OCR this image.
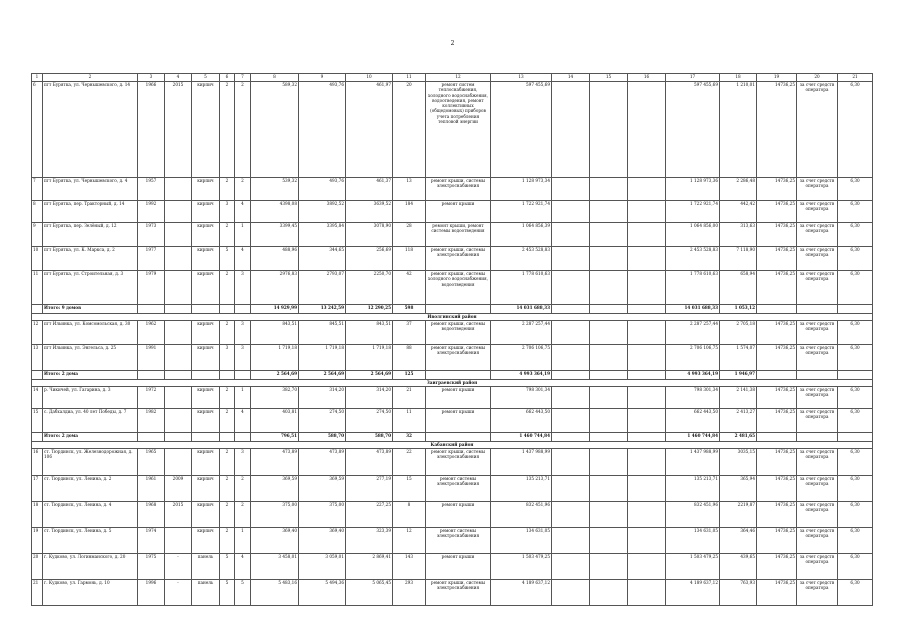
2
1	2	3	4	5	6	7	8	9	10	11	12	13	14	15	16	17	18	19	20	21
6	пгт Бурятка, ул. Чернышевского, д. 14	1966	2015	кирпич	2	2	589,32	493,76	461,97	20	ремонт систем теплоснабжения, холодного водоснабжения, водоотведения, ремонт коллективных (общедомовых) приборов учета потребления тепловой энергии	597 455,69				597 455,69	1 210,01	14736,25	за счет средств оператора	6,30
7	пгт Бурятка, ул. Чернышевского, д. 4	1957		кирпич	2	2	539,32	493,76	461,37	13	ремонт крыши, системы электроснабжения	1 128 973,34				1 128 973,36	2 286,48	14736,25	за счет средств оператора	6,30
8	пгт Бурятка, пер. Тракторный, д. 14	1992		кирпич	3	4	4398,08	3892,52	3639,52	184	ремонт крыши	1 722 921,74				1 722 921,74	442,42	14736,25	за счет средств оператора	6,30
9	пгт Бурятка, пер. Зелёный, д. 12	1973		кирпич	2	1	3399,45	3395,84	3078,90	28	ремонт крыши, ремонт системы водоотведения	1 064 856,39				1 064 856,00	313,63	14736,25	за счет средств оператора	6,30
10	пгт Бурятка, ул. К. Маркса, д. 2	1977		кирпич	5	4	488,96	344,65	256,69	118	ремонт крыши, системы электроснабжения	2 453 528,83				2 453 528,83	7 118,90	14736,25	за счет средств оператора	6,30
11	пгт Бурятка, ул. Строительная, д. 3	1979		кирпич	2	3	2976,83	2793,07	2250,70	42	ремонт крыши, системы холодного водоснабжения, водоотведения	1 778 610,63				1 778 610,63	658,94	14736,25	за счет средств оператора	6,30
	Итого: 9 домов						14 929,99	13 242,59	12 290,25	598		14 031 688,33				14 031 688,33	1 053,12			
Иволгинский район																				
12	пгт Ильинка, ул. Комсомольская, д. 30	1962		кирпич	2	3	843,51	845,51	843,51	37	ремонт крыши, системы водоотведения	2 287 257,44				2 287 257,44	2 705,18	14736,25	за счет средств оператора	6,30
13	пгт Ильинка, ул. Энгельса, д. 25	1991		кирпич	3	3	1 719,18	1 719,18	1 719,18	88	ремонт крыши, системы электроснабжения	2 706 106,75				2 706 106,75	1 574,07	14736,25	за счет средств оператора	6,30
	Итого: 2 дома						2 564,69	2 564,69	2 564,69	125		4 993 364,19				4 993 364,19	1 946,97			
Заиграевский район																				
14	р. Чикичей, ул. Гагарина, д. 3	1972		кирпич	2	1	382,70	314,20	314,20	21	ремонт крыши	798 301,34				798 301,34	2 141,38	14736,25	за счет средств оператора	6,30
15	с. Дабхалдиа, ул. 40 лет Победы, д. 7	1982		кирпич	2	4	403,81	274,50	274,50	11	ремонт крыши	662 443,50				662 443,50	2 413,27	14736,25	за счет средств оператора	6,30
	Итого: 2 дома						796,51	588,70	588,70	32		1 460 744,84				1 460 744,84	2 481,65			
Кабанский район																				
16	ст. Тюрдинск, ул. Железнодорожная, д. 106	1965		кирпич	2	3	473,89	473,89	473,89	22	ремонт крыши, системы электроснабжения	1 437 988,99				1 437 988,99	3035,15	14736,25	за счет средств оператора	6,30
17	ст. Тюрдинск, ул. Ленина, д. 2	1961	2009	кирпич	2	2	369,59	369,59	277,19	15	ремонт системы электроснабжения	135 213,71				135 213,71	365,94	14736,25	за счет средств оператора	6,30
18	ст. Тюрдинск, ул. Ленина, д. 4	1968	2015	кирпич	2	2	375,00	375,00	227,25	8	ремонт крыши	832 451,96				832 451,96	2219,87	14736,25	за счет средств оператора	6,30
19	ст. Тюрдинск, ул. Ленина, д. 5	1974		кирпич	2	1	369,40	369,40	323,39	12	ремонт системы электроснабжения	134 631,05				134 631,05	364,46	14736,25	за счет средств оператора	6,30
20	г. Кудково, ул. Логинманского, д. 20	1975	-	панель	5	4	3 458,01	3 059,01	2 869,41	143	ремонт крыши	1 503 479,25				1 503 479,25	439,65	14736,25	за счет средств оператора	6,30
21	г. Кудково, ул. Гармонь, д. 10	1996	-	панель	5	5	5 483,16	5 494,36	5 065,45	293	ремонт крыши, системы электроснабжения	4 189 637,12				4 189 637,12	763,93	14736,25	за счет средств оператора	6,30
